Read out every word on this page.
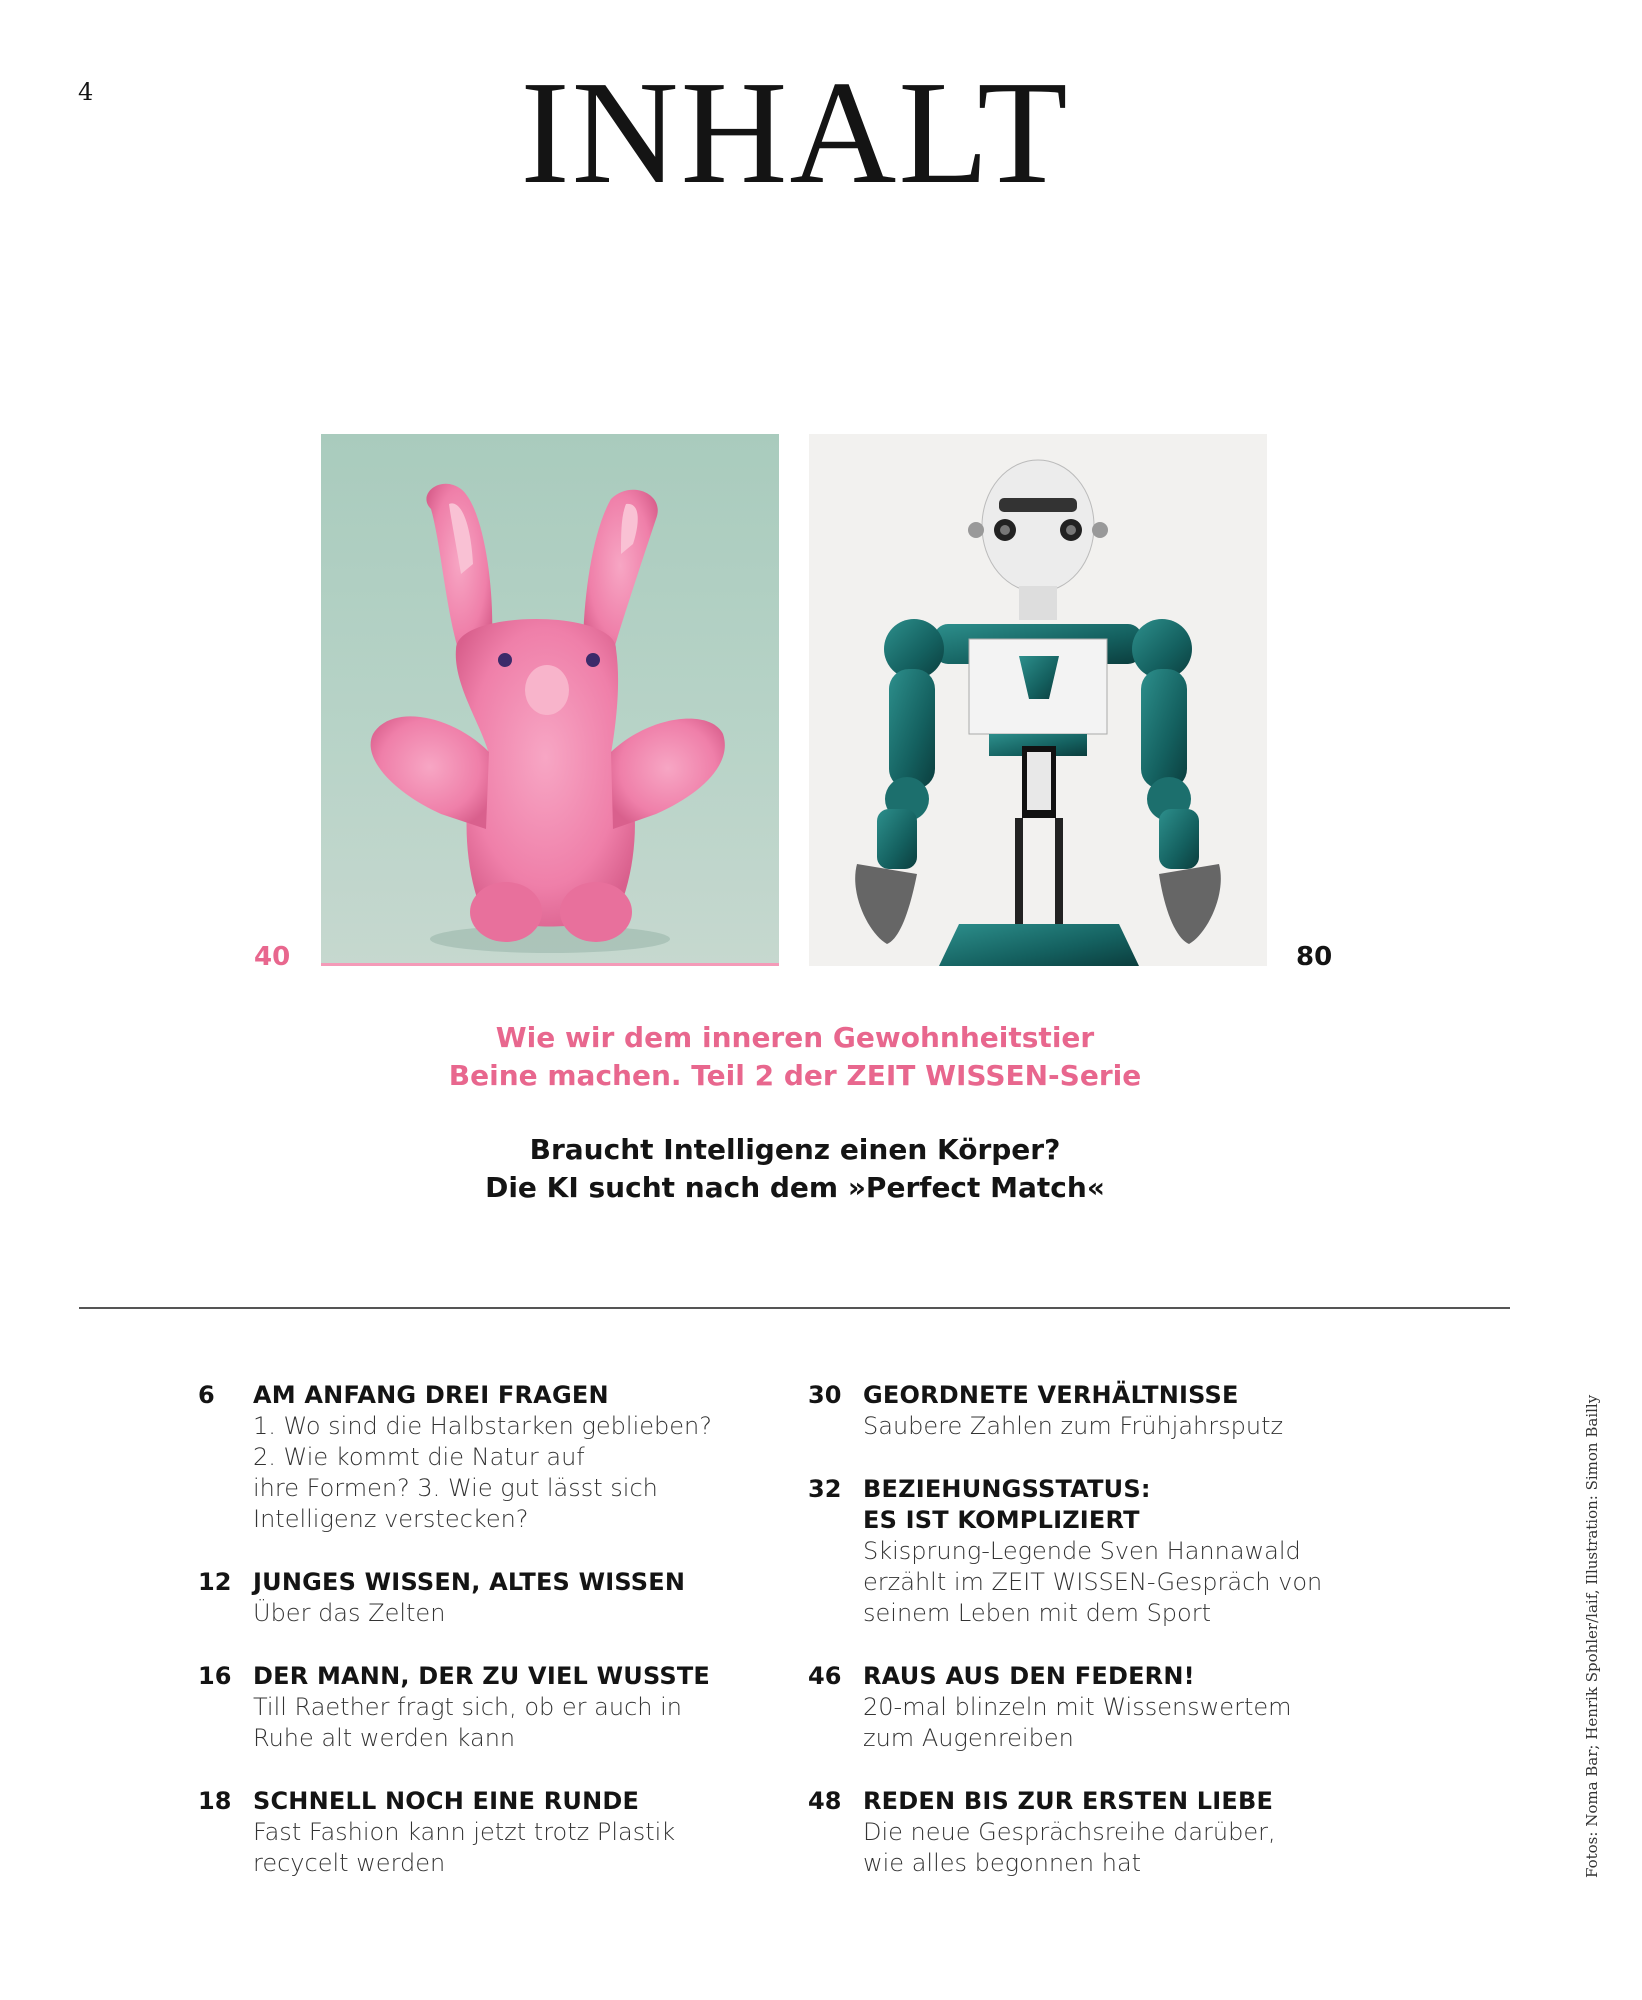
4	INHALT
40	80
Wie wir dem inneren Gewohnheitstier
Beine machen. Teil 2 der ZEIT WISSEN-Serie
Braucht Intelligenz einen Körper?
Die KI sucht nach dem »Perfect Match«
6 AM ANFANG DREI FRAGEN
1. Wo sind die Halbstarken geblieben?
2. Wie kommt die Natur auf
ihre Formen? 3. Wie gut lässt sich
Intelligenz verstecken?
12 JUNGES WISSEN, ALTES WISSEN
Über das Zelten
16 DER MANN, DER ZU VIEL WUSSTE
Till Raether fragt sich, ob er auch in
Ruhe alt werden kann
18 SCHNELL NOCH EINE RUNDE
Fast Fashion kann jetzt trotz Plastik
recycelt werden
30 GEORDNETE VERHÄLTNISSE
Saubere Zahlen zum Frühjahrsputz
32 BEZIEHUNGSSTATUS:
ES IST KOMPLIZIERT
Skisprung-Legende Sven Hannawald
erzählt im ZEIT WISSEN-Gespräch von
seinem Leben mit dem Sport
46 RAUS AUS DEN FEDERN!
20-mal blinzeln mit Wissenswertem
zum Augenreiben
48 REDEN BIS ZUR ERSTEN LIEBE
Die neue Gesprächsreihe darüber,
wie alles begonnen hat	Fotos: Noma Bar; Henrik Spohler/laif, Illustration: Simon Bailly
